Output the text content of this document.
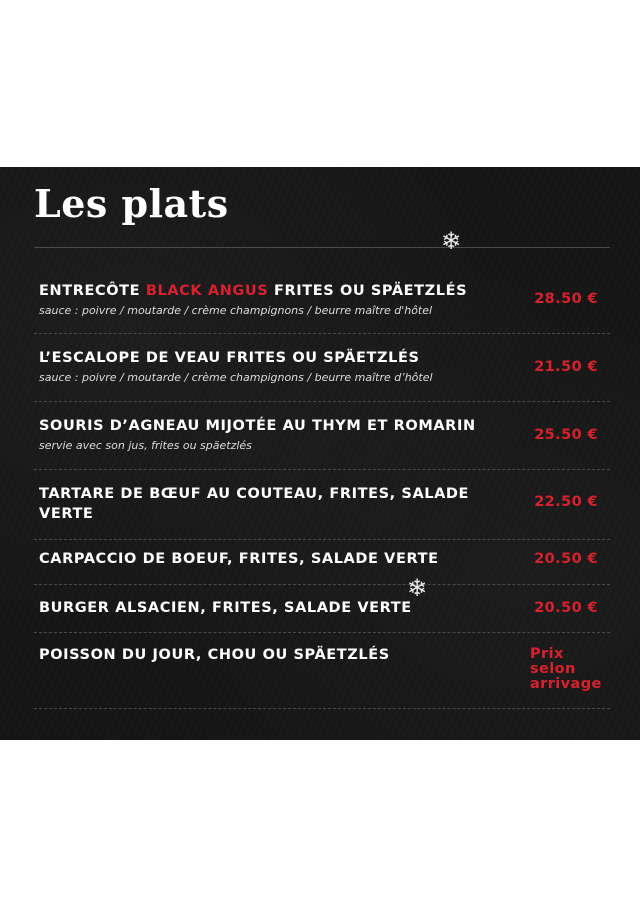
Les plats
❄

ENTRECÔTE BLACK ANGUS FRITES OU SPÄETZLÉS

sauce : poivre / moutarde / crème champignons / beurre maître d'hôtel

28.50 €

L’ESCALOPE DE VEAU FRITES OU SPÄETZLÉS

sauce : poivre / moutarde / crème champignons / beurre maître d’hôtel

21.50 €

SOURIS D’AGNEAU MIJOTÉE AU THYM ET ROMARIN

servie avec son jus, frites ou späetzlés

25.50 €

TARTARE DE BŒUF AU COUTEAU, FRITES, SALADE VERTE

22.50 €

CARPACCIO DE BOEUF, FRITES, SALADE VERTE	20.50 €

BURGER ALSACIEN, FRITES, SALADE VERTE	20.50 €

POISSON DU JOUR, CHOU OU SPÄETZLÉS	Prix selon arrivage
❄
